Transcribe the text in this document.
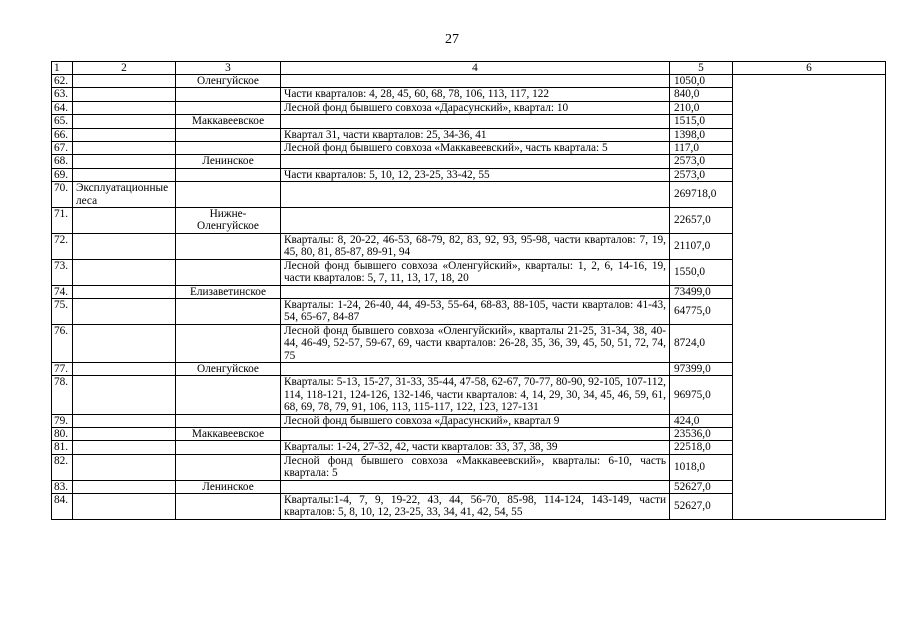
27
1	2	3	4	5	6
62.		Оленгуйское		1050,0	
63.			Части кварталов: 4, 28, 45, 60, 68, 78, 106, 113, 117, 122	840,0	
64.			Лесной фонд бывшего совхоза «Дарасунский», квартал: 10	210,0	
65.		Маккавеевское		1515,0	
66.			Квартал 31, части кварталов: 25, 34-36, 41	1398,0	
67.			Лесной фонд бывшего совхоза «Маккавеевский», часть квартала: 5	117,0	
68.		Ленинское		2573,0	
69.			Части кварталов: 5, 10, 12, 23-25, 33-42, 55	2573,0	
70.	Эксплуатационные леса			269718,0	
71.		Нижне-Оленгуйское		22657,0	
72.			Кварталы: 8, 20-22, 46-53, 68-79, 82, 83, 92, 93, 95-98, части кварталов: 7, 19, 45, 80, 81, 85-87, 89-91, 94	21107,0	
73.			Лесной фонд бывшего совхоза «Оленгуйский», кварталы: 1, 2, 6, 14-16, 19, части кварталов: 5, 7, 11, 13, 17, 18, 20	1550,0	
74.		Елизаветинское		73499,0	
75.			Кварталы: 1-24, 26-40, 44, 49-53, 55-64, 68-83, 88-105, части кварталов: 41-43, 54, 65-67, 84-87	64775,0	
76.			Лесной фонд бывшего совхоза «Оленгуйский», кварталы 21-25, 31-34, 38, 40-44, 46-49, 52-57, 59-67, 69, части кварталов: 26-28, 35, 36, 39, 45, 50, 51, 72, 74, 75	8724,0	
77.		Оленгуйское		97399,0	
78.			Кварталы: 5-13, 15-27, 31-33, 35-44, 47-58, 62-67, 70-77, 80-90, 92-105, 107-112, 114, 118-121, 124-126, 132-146, части кварталов: 4, 14, 29, 30, 34, 45, 46, 59, 61, 68, 69, 78, 79, 91, 106, 113, 115-117, 122, 123, 127-131	96975,0	
79.			Лесной фонд бывшего совхоза «Дарасунский», квартал 9	424,0	
80.		Маккавеевское		23536,0	
81.			Кварталы: 1-24, 27-32, 42, части кварталов: 33, 37, 38, 39	22518,0	
82.			Лесной фонд бывшего совхоза «Маккавеевский», кварталы: 6-10, часть квартала: 5	1018,0	
83.		Ленинское		52627,0	
84.			Кварталы:1-4, 7, 9, 19-22, 43, 44, 56-70, 85-98, 114-124, 143-149, части кварталов: 5, 8, 10, 12, 23-25, 33, 34, 41, 42, 54, 55	52627,0	
